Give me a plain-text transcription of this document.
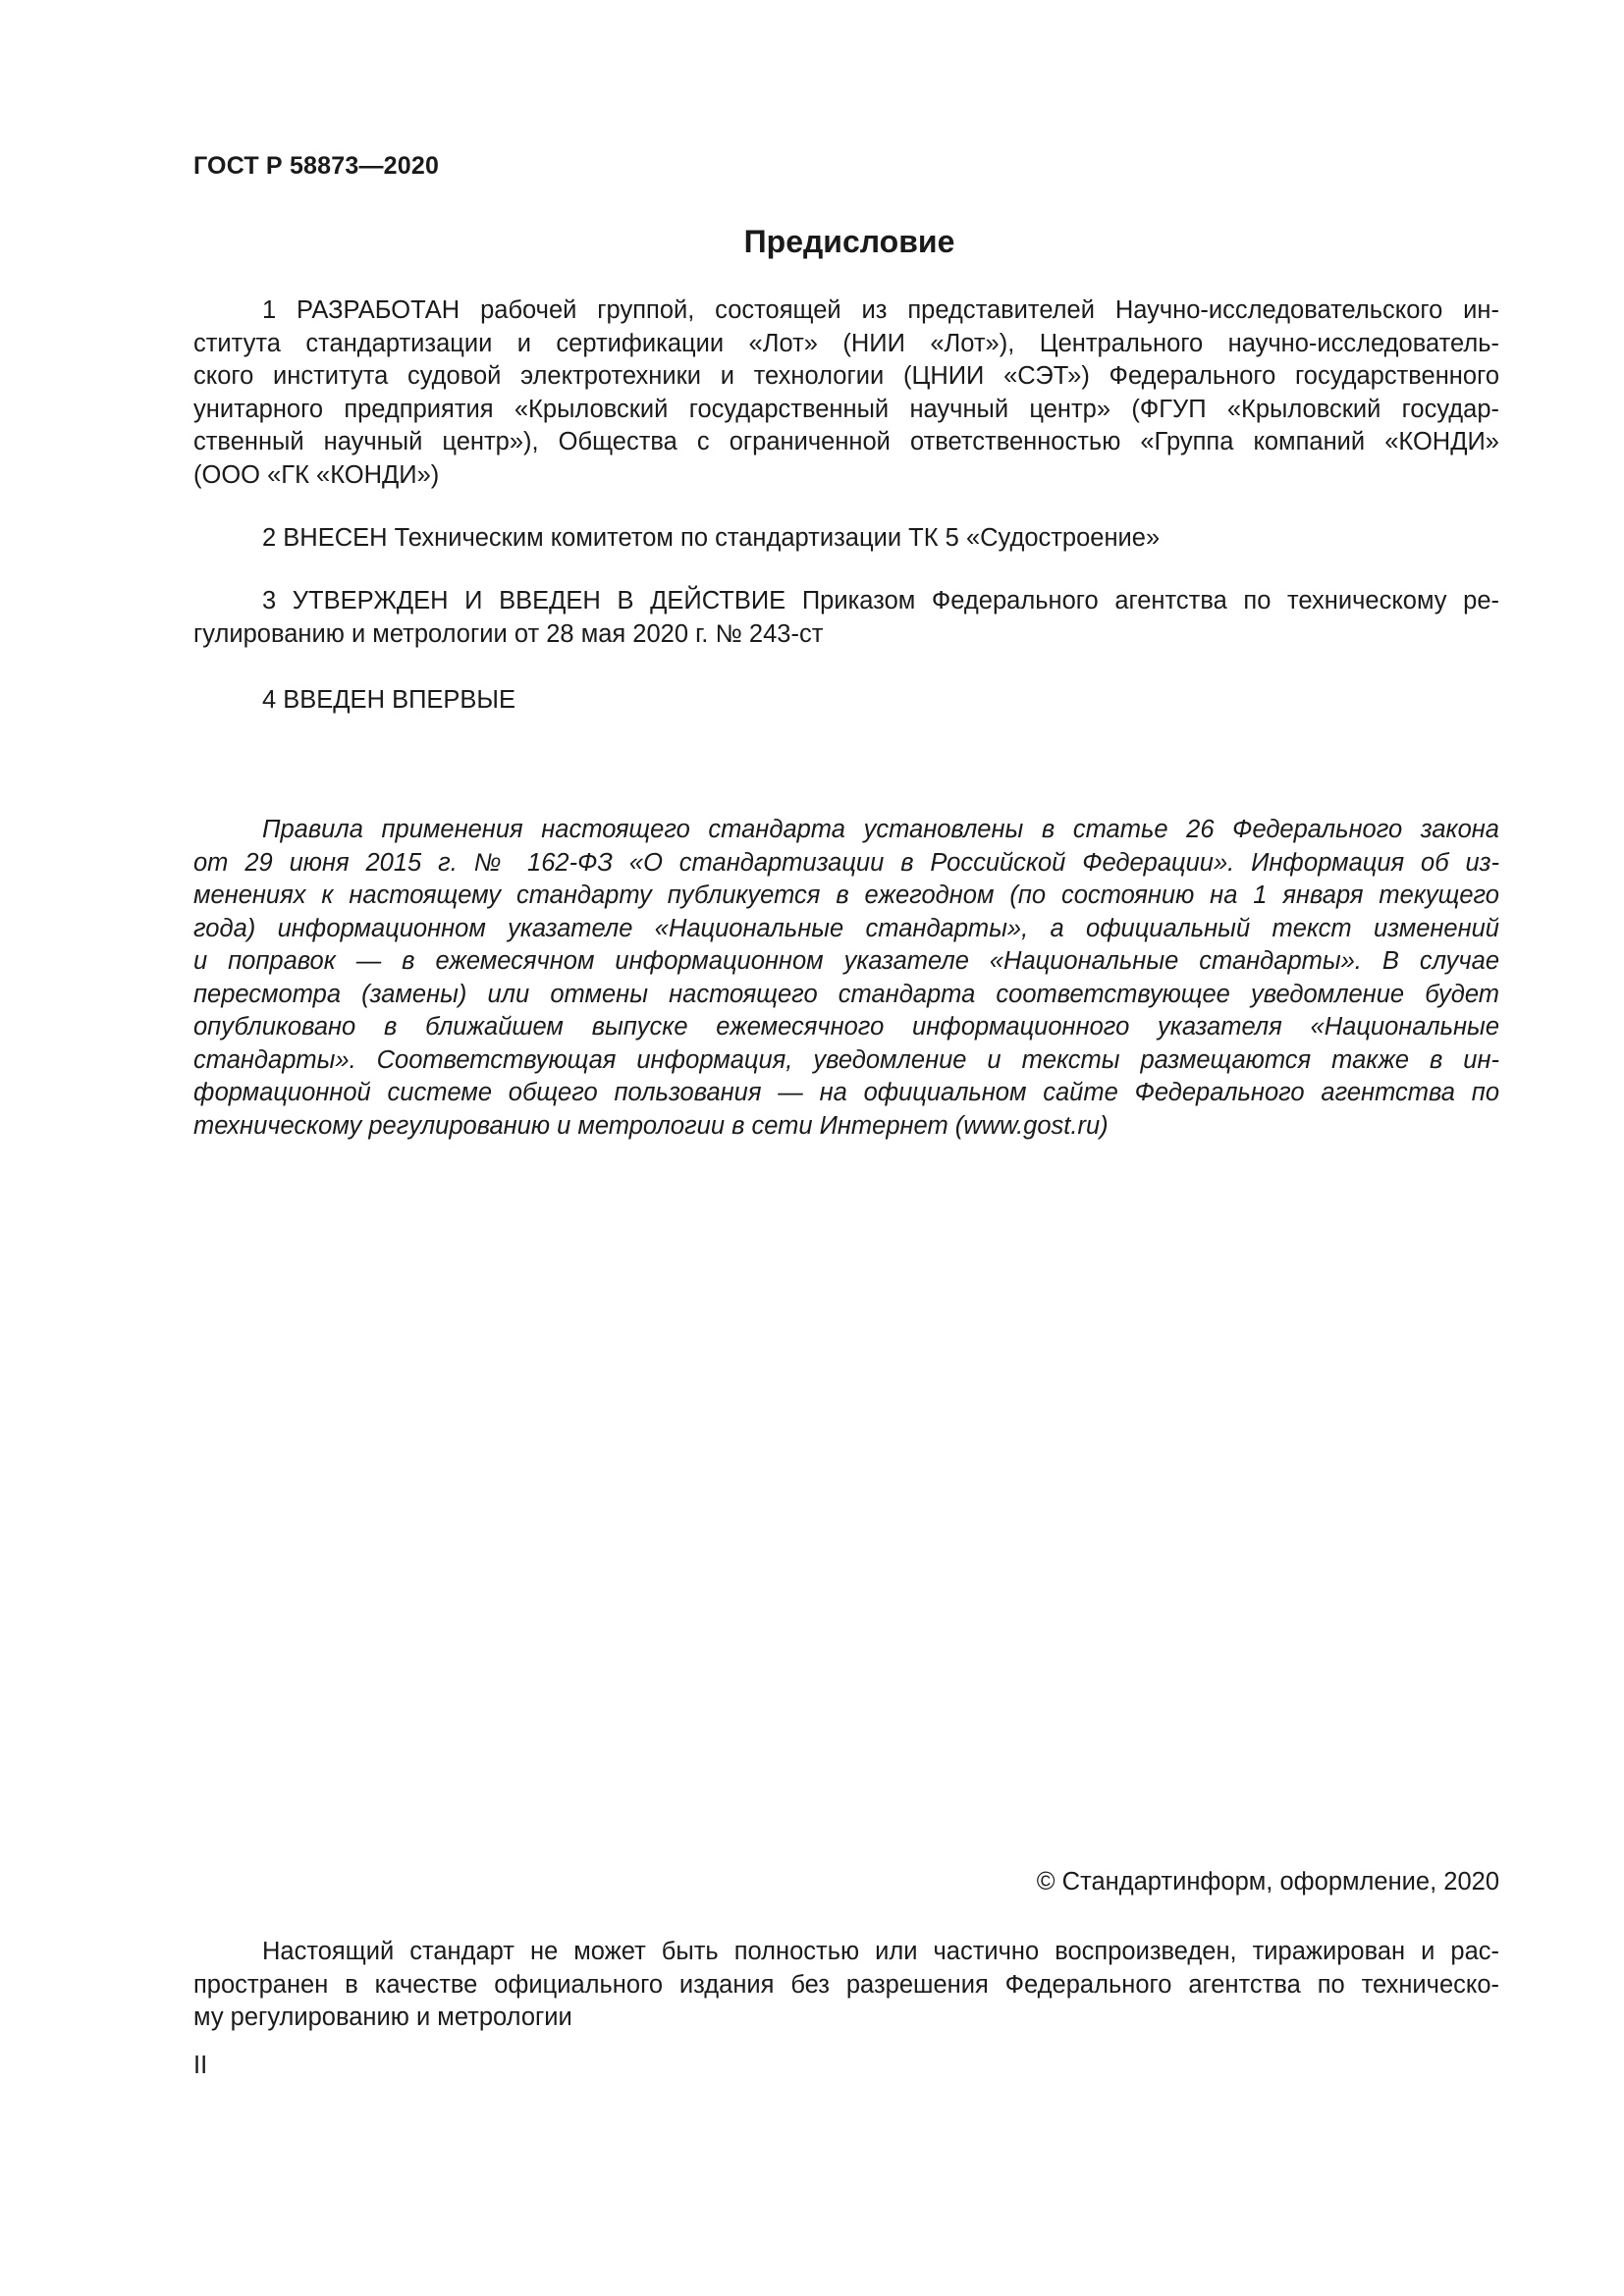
ГОСТ Р 58873—2020
Предисловие
1 РАЗРАБОТАН рабочей группой, состоящей из представителей Научно-исследовательского ин-
ститута стандартизации и сертификации «Лот» (НИИ «Лот»), Центрального научно-исследователь-
ского института судовой электротехники и технологии (ЦНИИ «СЭТ») Федерального государственного
унитарного предприятия «Крыловский государственный научный центр» (ФГУП «Крыловский государ-
ственный научный центр»), Общества с ограниченной ответственностью «Группа компаний «КОНДИ»
(ООО «ГК «КОНДИ»)
2 ВНЕСЕН Техническим комитетом по стандартизации ТК 5 «Судостроение»
3 УТВЕРЖДЕН И ВВЕДЕН В ДЕЙСТВИЕ Приказом Федерального агентства по техническому ре-
гулированию и метрологии от 28 мая 2020 г. № 243-ст
4 ВВЕДЕН ВПЕРВЫЕ
Правила применения настоящего стандарта установлены в статье 26 Федерального закона
от 29 июня 2015 г. № 162-ФЗ «О стандартизации в Российской Федерации». Информация об из-
менениях к настоящему стандарту публикуется в ежегодном (по состоянию на 1 января текущего
года) информационном указателе «Национальные стандарты», а официальный текст изменений
и поправок — в ежемесячном информационном указателе «Национальные стандарты». В случае
пересмотра (замены) или отмены настоящего стандарта соответствующее уведомление будет
опубликовано в ближайшем выпуске ежемесячного информационного указателя «Национальные
стандарты». Соответствующая информация, уведомление и тексты размещаются также в ин-
формационной системе общего пользования — на официальном сайте Федерального агентства по
техническому регулированию и метрологии в сети Интернет (www.gost.ru)
© Стандартинформ, оформление, 2020
Настоящий стандарт не может быть полностью или частично воспроизведен, тиражирован и рас-
пространен в качестве официального издания без разрешения Федерального агентства по техническо-
му регулированию и метрологии
II
